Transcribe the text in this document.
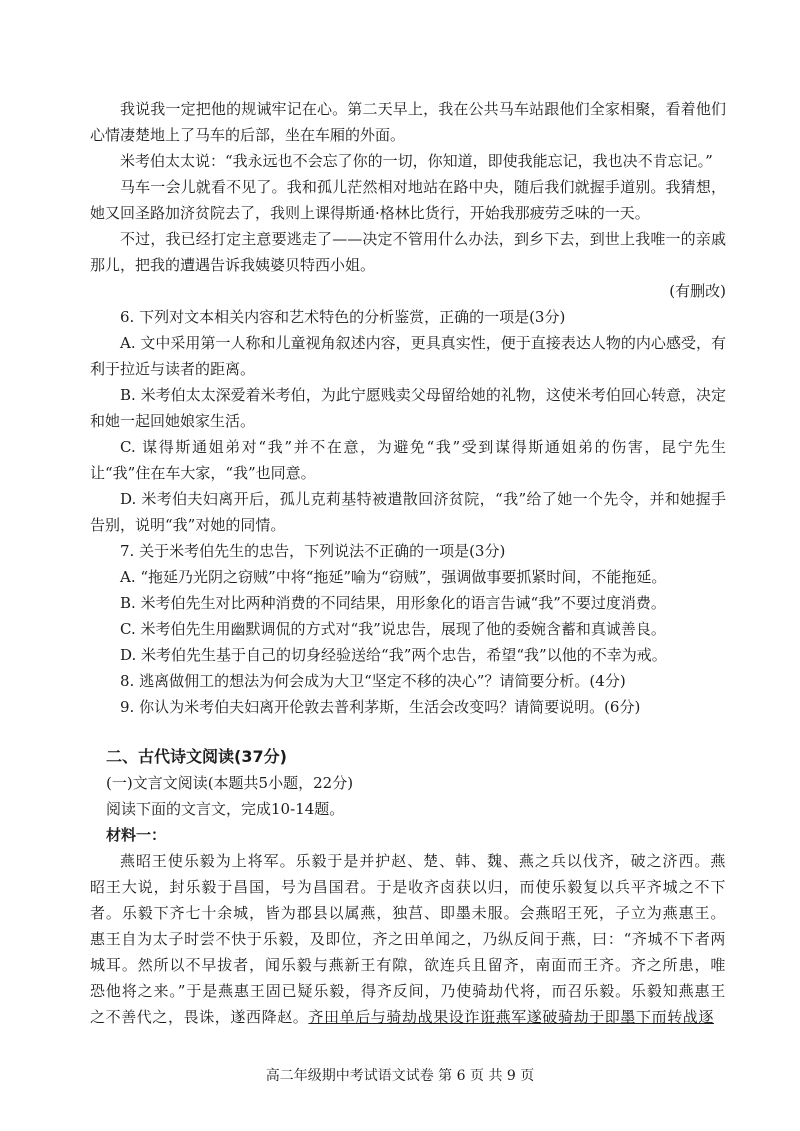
我说我一定把他的规诫牢记在心。第二天早上，我在公共马车站跟他们全家相聚，看着他们心情凄楚地上了马车的后部，坐在车厢的外面。
米考伯太太说：“我永远也不会忘了你的一切，你知道，即使我能忘记，我也决不肯忘记。”
马车一会儿就看不见了。我和孤儿茫然相对地站在路中央，随后我们就握手道别。我猜想，她又回圣路加济贫院去了，我则上课得斯通·格林比货行，开始我那疲劳乏味的一天。
不过，我已经打定主意要逃走了——决定不管用什么办法，到乡下去，到世上我唯一的亲戚那儿，把我的遭遇告诉我姨婆贝特西小姐。
(有删改)
6. 下列对文本相关内容和艺术特色的分析鉴赏，正确的一项是(3分)
A. 文中采用第一人称和儿童视角叙述内容，更具真实性，便于直接表达人物的内心感受，有利于拉近与读者的距离。
B. 米考伯太太深爱着米考伯，为此宁愿贱卖父母留给她的礼物，这使米考伯回心转意，决定和她一起回她娘家生活。
C. 谋得斯通姐弟对“我”并不在意，为避免“我”受到谋得斯通姐弟的伤害，昆宁先生让“我”住在车大家，“我”也同意。
D. 米考伯夫妇离开后，孤儿克莉基特被遣散回济贫院，“我”给了她一个先令，并和她握手告别，说明“我”对她的同情。
7. 关于米考伯先生的忠告，下列说法不正确的一项是(3分)
A. “拖延乃光阴之窃贼”中将“拖延”喻为“窃贼”，强调做事要抓紧时间，不能拖延。
B. 米考伯先生对比两种消费的不同结果，用形象化的语言告诫“我”不要过度消费。
C. 米考伯先生用幽默调侃的方式对“我”说忠告，展现了他的委婉含蓄和真诚善良。
D. 米考伯先生基于自己的切身经验送给“我”两个忠告，希望“我”以他的不幸为戒。
8. 逃离做佣工的想法为何会成为大卫“坚定不移的决心”？请简要分析。(4分)
9. 你认为米考伯夫妇离开伦敦去普利茅斯，生活会改变吗？请简要说明。(6分)
二、古代诗文阅读(37分)
(一)文言文阅读(本题共5小题，22分)
阅读下面的文言文，完成10-14题。
材料一：
燕昭王使乐毅为上将军。乐毅于是并护赵、楚、韩、魏、燕之兵以伐齐，破之济西。燕昭王大说，封乐毅于昌国，号为昌国君。于是收齐卤获以归，而使乐毅复以兵平齐城之不下者。乐毅下齐七十余城，皆为郡县以属燕，独莒、即墨未服。会燕昭王死，子立为燕惠王。惠王自为太子时尝不快于乐毅，及即位，齐之田单闻之，乃纵反间于燕，曰：“齐城不下者两城耳。然所以不早拔者，闻乐毅与燕新王有隙，欲连兵且留齐，南面而王齐。齐之所患，唯恐他将之来。”于是燕惠王固已疑乐毅，得齐反间，乃使骑劫代将，而召乐毅。乐毅知燕惠王之不善代之，畏诛，遂西降赵。齐田单后与骑劫战果设诈诳燕军遂破骑劫于即墨下而转战逐
高二年级期中考试语文试卷 第 6 页 共 9 页
